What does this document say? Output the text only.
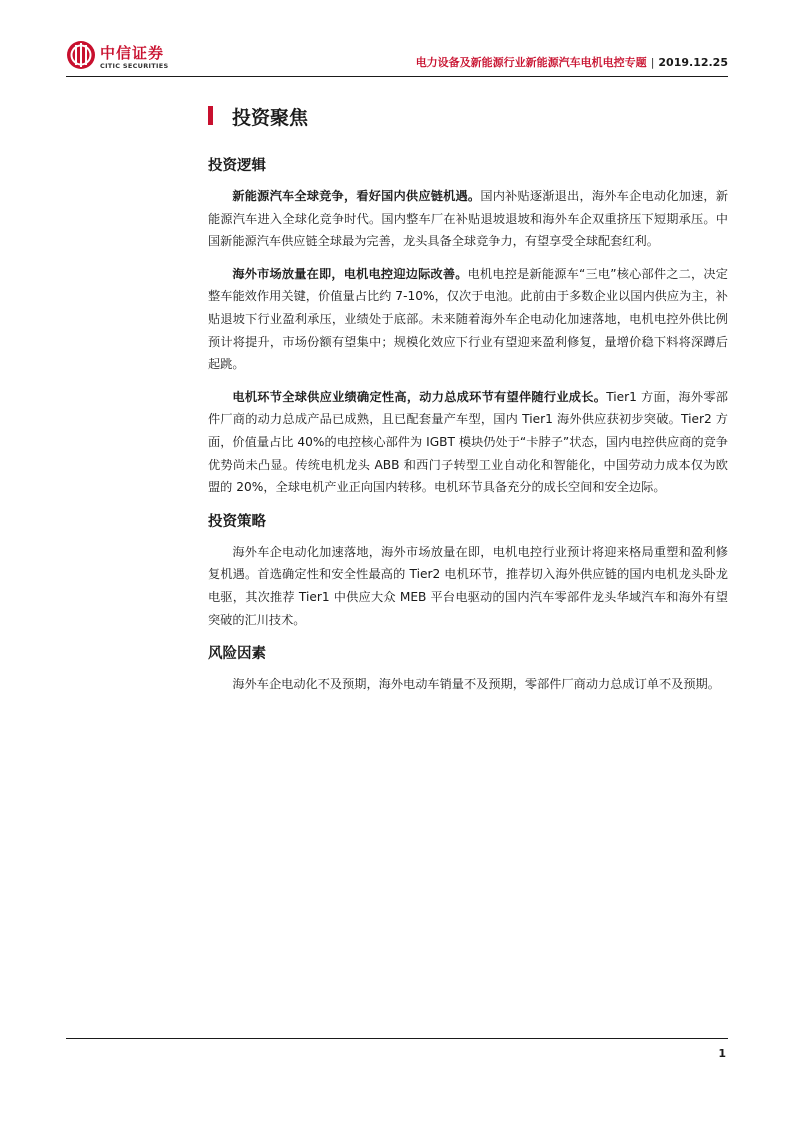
中信证券
CITIC SECURITIES	电力设备及新能源行业新能源汽车电机电控专题 | 2019.12.25
投资聚焦
投资逻辑

新能源汽车全球竞争，看好国内供应链机遇。国内补贴逐渐退出，海外车企电动化加速，新能源汽车进入全球化竞争时代。国内整车厂在补贴退坡退坡和海外车企双重挤压下短期承压。中国新能源汽车供应链全球最为完善，龙头具备全球竞争力，有望享受全球配套红利。

海外市场放量在即，电机电控迎边际改善。电机电控是新能源车“三电”核心部件之二，决定整车能效作用关键，价值量占比约 7-10%，仅次于电池。此前由于多数企业以国内供应为主，补贴退坡下行业盈利承压，业绩处于底部。未来随着海外车企电动化加速落地，电机电控外供比例预计将提升，市场份额有望集中；规模化效应下行业有望迎来盈利修复，量增价稳下料将深蹲后起跳。

电机环节全球供应业绩确定性高，动力总成环节有望伴随行业成长。Tier1 方面，海外零部件厂商的动力总成产品已成熟，且已配套量产车型，国内 Tier1 海外供应获初步突破。Tier2 方面，价值量占比 40%的电控核心部件为 IGBT 模块仍处于“卡脖子”状态，国内电控供应商的竞争优势尚未凸显。传统电机龙头 ABB 和西门子转型工业自动化和智能化，中国劳动力成本仅为欧盟的 20%，全球电机产业正向国内转移。电机环节具备充分的成长空间和安全边际。

投资策略

海外车企电动化加速落地，海外市场放量在即，电机电控行业预计将迎来格局重塑和盈利修复机遇。首选确定性和安全性最高的 Tier2 电机环节，推荐切入海外供应链的国内电机龙头卧龙电驱，其次推荐 Tier1 中供应大众 MEB 平台电驱动的国内汽车零部件龙头华域汽车和海外有望突破的汇川技术。

风险因素

海外车企电动化不及预期，海外电动车销量不及预期，零部件厂商动力总成订单不及预期。

1
